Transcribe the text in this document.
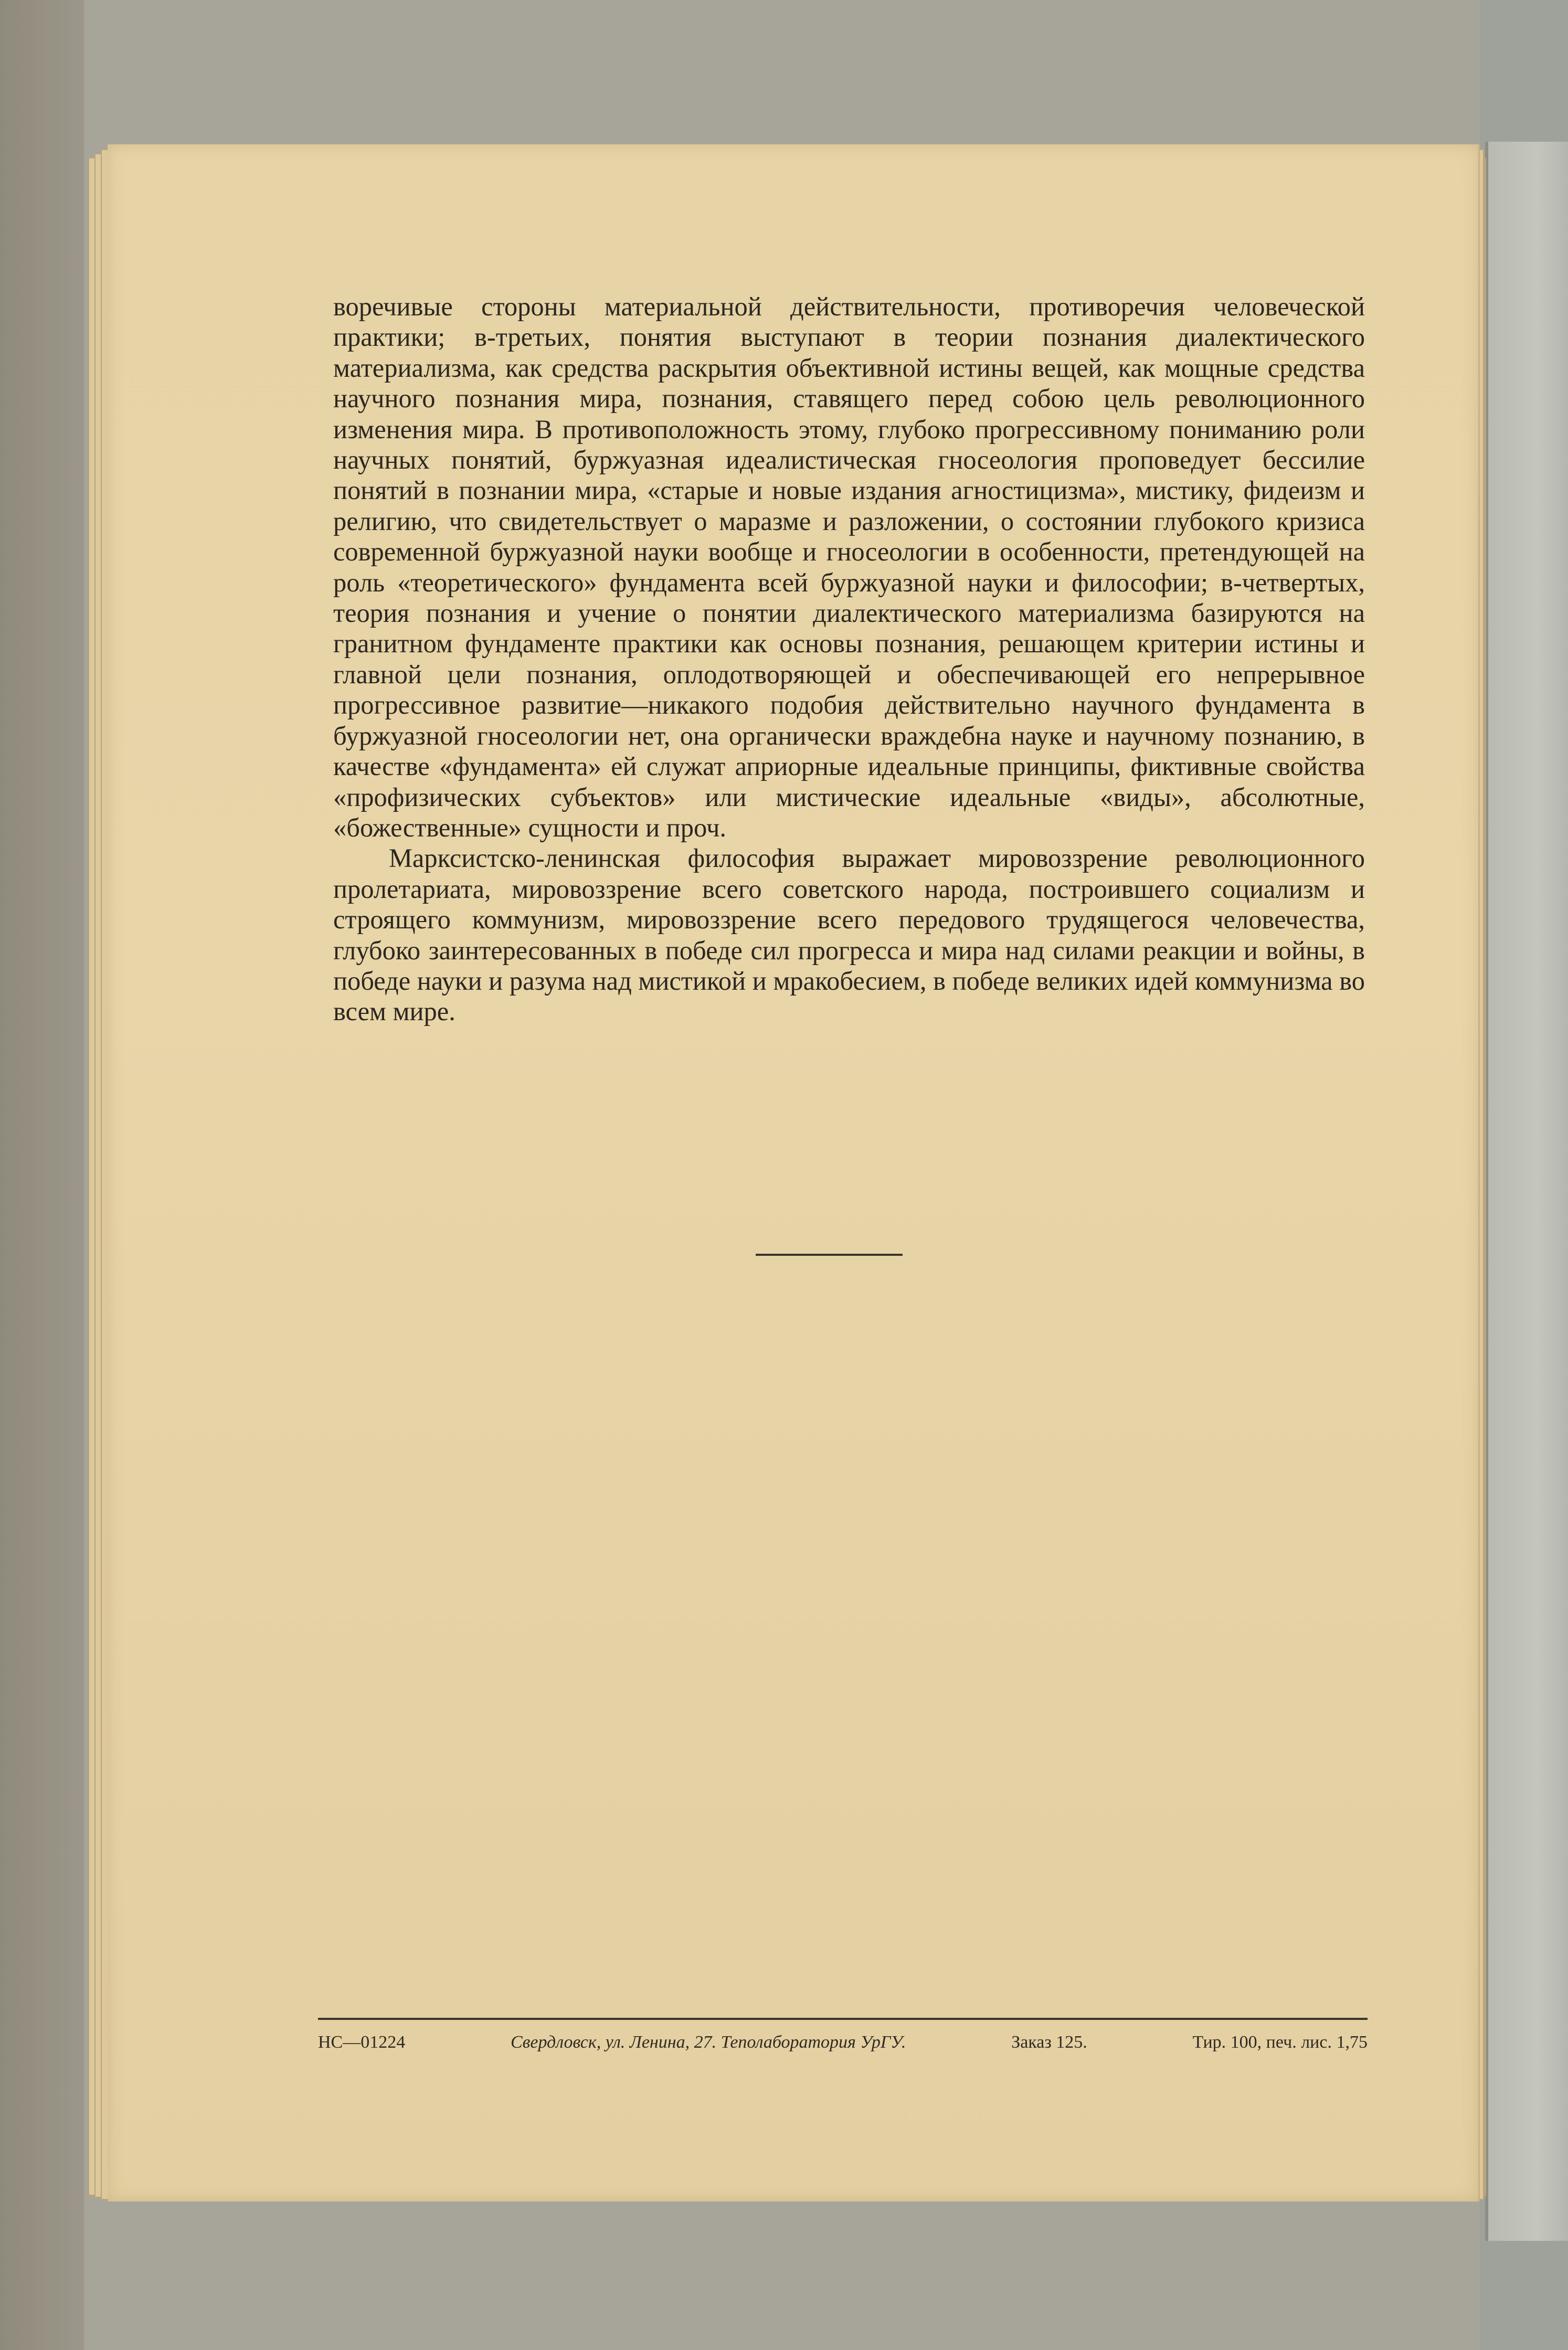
воречивые стороны материальной действительности, противоречия человеческой практики; в-третьих, понятия выступают в теории познания диалектического материализма, как средства раскрытия объективной истины вещей, как мощные средства научного познания мира, познания, ставящего перед собою цель революционного изменения мира. В противоположность этому, глубоко прогрессивному пониманию роли научных понятий, буржуазная идеалистическая гносеология проповедует бессилие понятий в познании мира, «старые и новые издания агностицизма», мистику, фидеизм и религию, что свидетельствует о маразме и разложении, о состоянии глубокого кризиса современной буржуазной науки вообще и гносеологии в особенности, претендующей на роль «теоретического» фундамента всей буржуазной науки и философии; в-четвертых, теория познания и учение о понятии диалектического материализма базируются на гранитном фундаменте практики как основы познания, решающем критерии истины и главной цели познания, оплодотворяющей и обеспечивающей его непрерывное прогрессивное развитие—никакого подобия действительно научного фундамента в буржуазной гносеологии нет, она органически враждебна науке и научному познанию, в качестве «фундамента» ей служат априорные идеальные принципы, фиктивные свойства «профизических субъектов» или мистические идеальные «виды», абсолютные, «божественные» сущности и проч.

Марксистско-ленинская философия выражает мировоззрение революционного пролетариата, мировоззрение всего советского народа, построившего социализм и строящего коммунизм, мировоззрение всего передового трудящегося человечества, глубоко заинтересованных в победе сил прогресса и мира над силами реакции и войны, в победе науки и разума над мистикой и мракобесием, в победе великих идей коммунизма во всем мире.

НС—01224	Свердловск, ул. Ленина, 27. Теполаборатория УрГУ.	Заказ 125.	Тир. 100, печ. лис. 1,75
